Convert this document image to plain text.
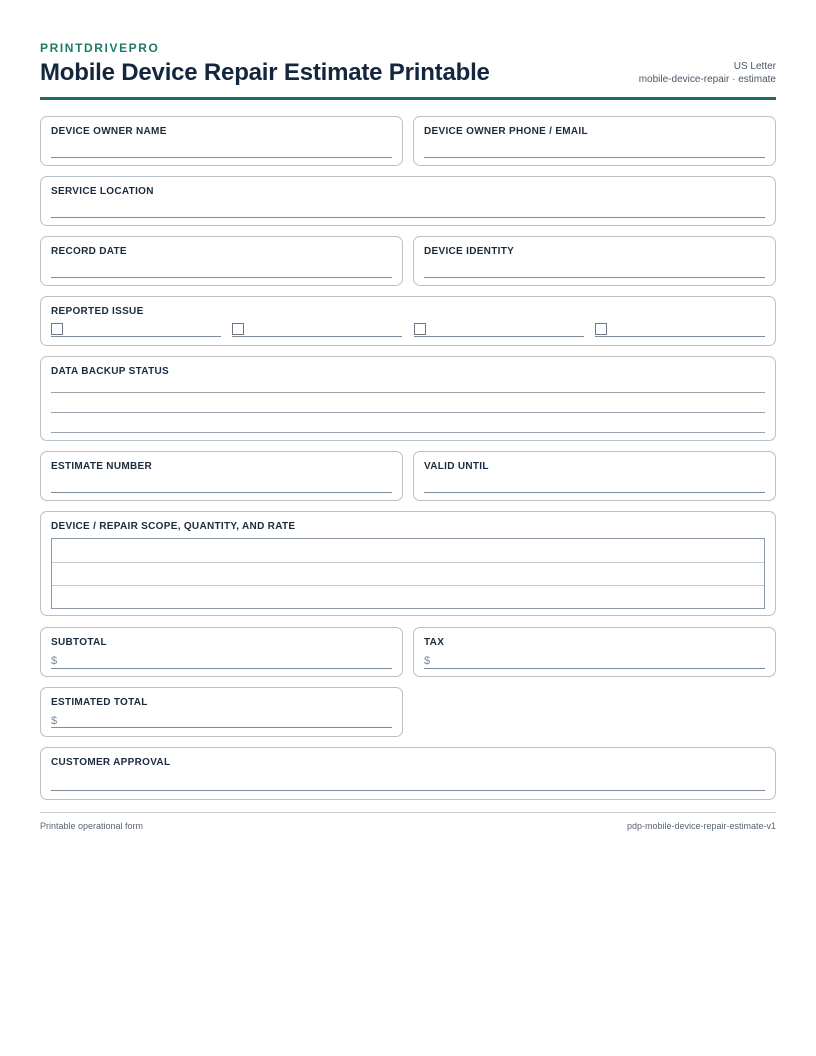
PRINTDRIVEPRO
Mobile Device Repair Estimate Printable	US Letter
mobile-device-repair · estimate
DEVICE OWNER NAME	DEVICE OWNER PHONE / EMAIL
SERVICE LOCATION
RECORD DATE	DEVICE IDENTITY
REPORTED ISSUE
DATA BACKUP STATUS
ESTIMATE NUMBER	VALID UNTIL
DEVICE / REPAIR SCOPE, QUANTITY, AND RATE
SUBTOTAL
$
TAX
$
ESTIMATED TOTAL
$
CUSTOMER APPROVAL
Printable operational form	pdp-mobile-device-repair-estimate-v1
